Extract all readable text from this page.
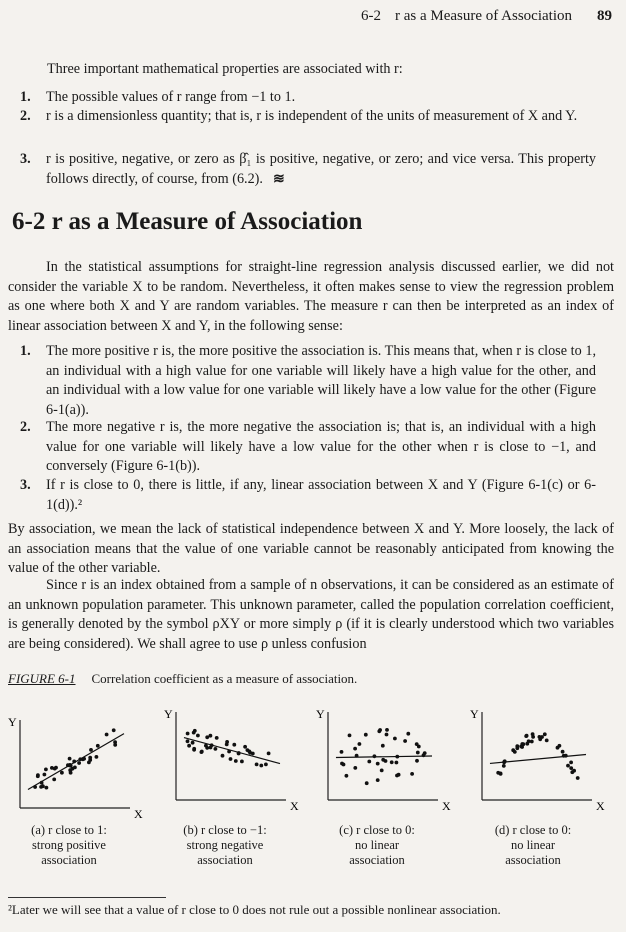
6-2 r as a Measure of Association 89
Three important mathematical properties are associated with r:
1. The possible values of r range from −1 to 1.
2. r is a dimensionless quantity; that is, r is independent of the units of measurement of X and Y.
3. r is positive, negative, or zero as β̂₁ is positive, negative, or zero; and vice versa. This property follows directly, of course, from (6.2). ≋
6-2 r as a Measure of Association
In the statistical assumptions for straight-line regression analysis discussed earlier, we did not consider the variable X to be random. Nevertheless, it often makes sense to view the regression problem as one where both X and Y are random variables. The measure r can then be interpreted as an index of linear association between X and Y, in the following sense:
1. The more positive r is, the more positive the association is. This means that, when r is close to 1, an individual with a high value for one variable will likely have a high value for the other, and an individual with a low value for one variable will likely have a low value for the other (Figure 6-1(a)).
2. The more negative r is, the more negative the association is; that is, an individual with a high value for one variable will likely have a low value for the other when r is close to −1, and conversely (Figure 6-1(b)).
3. If r is close to 0, there is little, if any, linear association between X and Y (Figure 6-1(c) or 6-1(d)).²
By association, we mean the lack of statistical independence between X and Y. More loosely, the lack of an association means that the value of one variable cannot be reasonably anticipated from knowing the value of the other variable.
Since r is an index obtained from a sample of n observations, it can be considered as an estimate of an unknown population parameter. This unknown parameter, called the population correlation coefficient, is generally denoted by the symbol ρXY or more simply ρ (if it is clearly understood which two variables are being considered). We shall agree to use ρ unless confusion
FIGURE 6-1 Correlation coefficient as a measure of association.
Y
X
Y
X
Y
X
Y
X
(a) r close to 1:
strong positive
association
(b) r close to −1:
strong negative
association
(c) r close to 0:
no linear
association
(d) r close to 0:
no linear
association
²Later we will see that a value of r close to 0 does not rule out a possible nonlinear association.
